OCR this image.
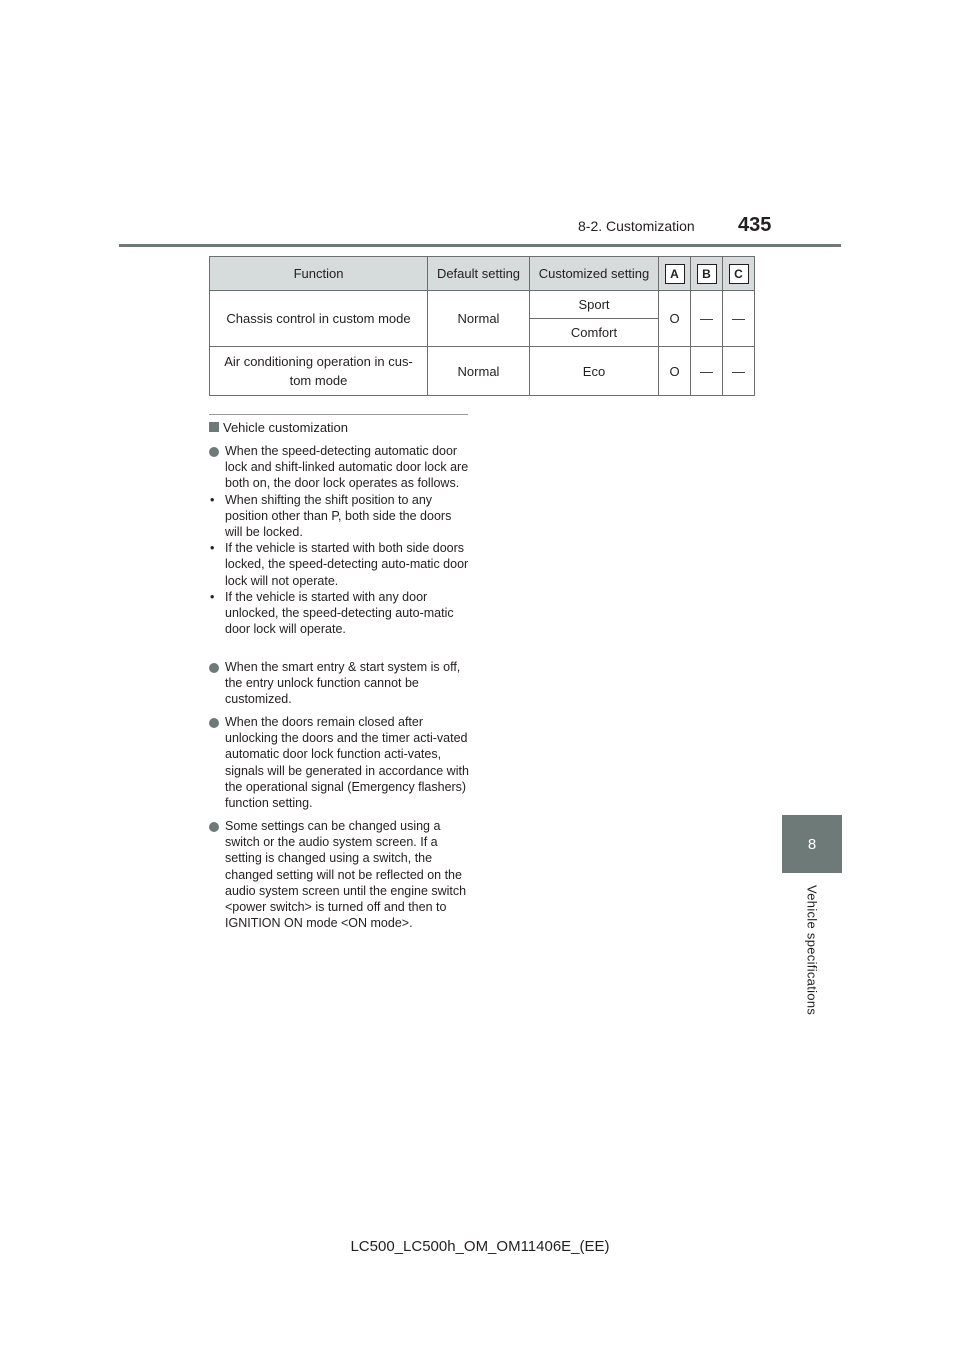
8-2. Customization 435
8
Vehicle specifications
Function	Default setting	Customized setting	A	B	C
Chassis control in custom mode	Normal	Sport	O	—	—
		Comfort			
Air conditioning operation in cus-
tom mode	Normal	Eco	O	—	—
Vehicle customization

When the speed-detecting automatic door lock and shift-linked automatic door lock are both on, the door lock operates as follows.

• When shifting the shift position to any position other than P, both side the doors will be locked.
• If the vehicle is started with both side doors locked, the speed-detecting auto-matic door lock will not operate.
• If the vehicle is started with any door unlocked, the speed-detecting auto-matic door lock will operate.

When the smart entry & start system is off, the entry unlock function cannot be customized.

When the doors remain closed after unlocking the doors and the timer acti-vated automatic door lock function acti-vates, signals will be generated in accordance with the operational signal (Emergency flashers) function setting.

Some settings can be changed using a switch or the audio system screen. If a setting is changed using a switch, the changed setting will not be reflected on the audio system screen until the engine switch <power switch> is turned off and then to IGNITION ON mode <ON mode>.

LC500_LC500h_OM_OM11406E_(EE)
